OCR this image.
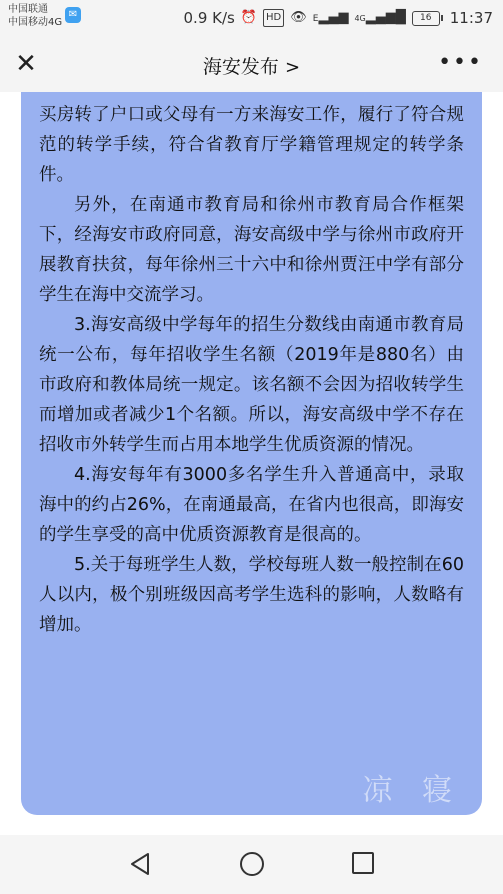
中国联通
中国移动4G
✉	0.9 K/s ⏰ HD 👁 E▂▄▆ 4G▂▄▆█	16	11:37
✕	海安发布 >	•••

买房转了户口或父母有一方来海安工作，履行了符合规范的转学手续，符合省教育厅学籍管理规定的转学条件。

另外，在南通市教育局和徐州市教育局合作框架下，经海安市政府同意，海安高级中学与徐州市政府开展教育扶贫，每年徐州三十六中和徐州贾汪中学有部分学生在海中交流学习。

3.海安高级中学每年的招生分数线由南通市教育局统一公布，每年招收学生名额（2019年是880名）由市政府和教体局统一规定。该名额不会因为招收转学生而增加或者减少1个名额。所以，海安高级中学不存在招收市外转学生而占用本地学生优质资源的情况。

4.海安每年有3000多名学生升入普通高中，录取海中的约占26%，在南通最高，在省内也很高，即海安的学生享受的高中优质资源教育是很高的。

5.关于每班学生人数，学校每班人数一般控制在60人以内，极个别班级因高考学生选科的影响，人数略有增加。

凉 寝
